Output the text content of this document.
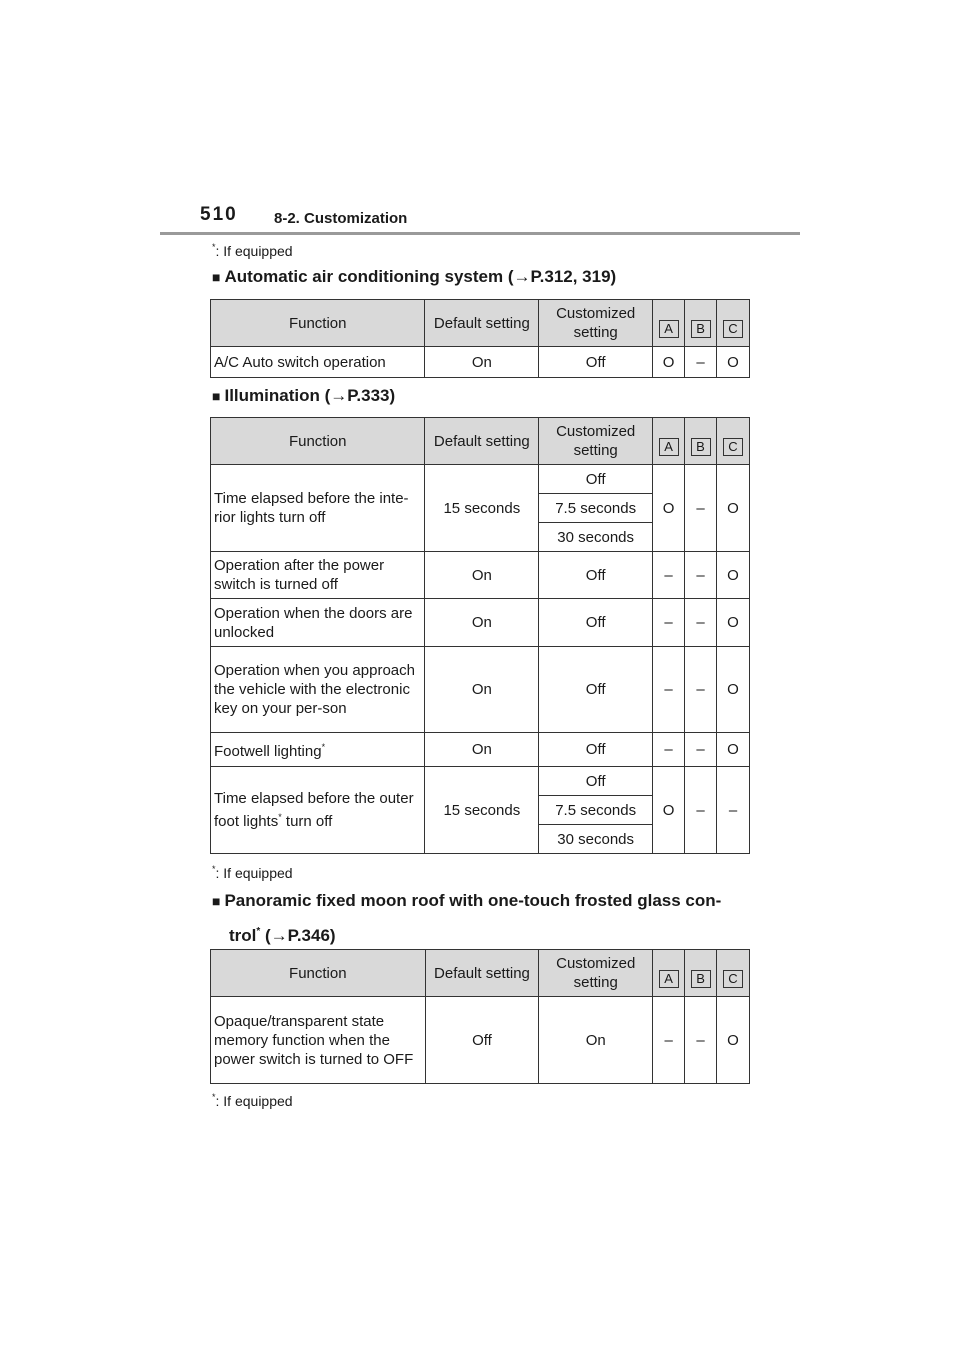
510 8-2. Customization
*: If equipped
■ Automatic air conditioning system (→P.312, 319)
Function	Default setting	Customized setting	A	B	C
A/C Auto switch operation	On	Off	O	–	O
■ Illumination (→P.333)
Function	Default setting	Customized setting	A	B	C
Time elapsed before the inte-rior lights turn off	15 seconds	Off	O	–	O
		7.5 seconds			
		30 seconds			
Operation after the power switch is turned off	On	Off	–	–	O
Operation when the doors are unlocked	On	Off	–	–	O
Operation when you approach the vehicle with the electronic key on your per-son	On	Off	–	–	O
Footwell lighting*	On	Off	–	–	O
Time elapsed before the outer foot lights* turn off	15 seconds	Off	O	–	–
		7.5 seconds			
		30 seconds			
*: If equipped
■ Panoramic fixed moon roof with one-touch frosted glass con-
trol* (→P.346)
Function	Default setting	Customized setting	A	B	C
Opaque/transparent state memory function when the power switch is turned to OFF	Off	On	–	–	O
*: If equipped
